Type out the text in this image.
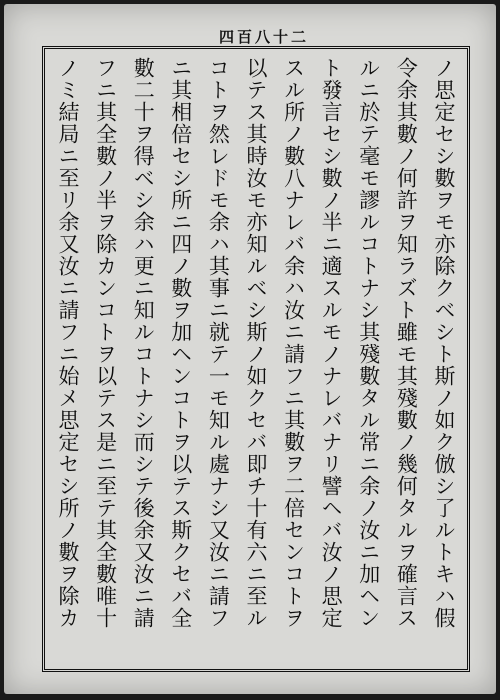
四百八十二
ノ思定セシ數ヲモ亦除クベシト斯ノ如ク倣シ了ルトキハ假
令余其數ノ何許ヲ知ラズト雖モ其殘數ノ幾何タルヲ確言ス
ルニ於テ毫モ謬ルコトナシ其殘數タル常ニ余ノ汝ニ加ヘン
ト發言セシ數ノ半ニ適スルモノナレバナリ譬ヘバ汝ノ思定
スル所ノ數八ナレバ余ハ汝ニ請フニ其數ヲ二倍センコトヲ
以テス其時汝モ亦知ルベシ斯ノ如クセバ即チ十有六ニ至ル
コトヲ然レドモ余ハ其事ニ就テ一モ知ル處ナシ又汝ニ請フ
ニ其相倍セシ所ニ四ノ數ヲ加ヘンコトヲ以テス斯クセバ全
數二十ヲ得ベシ余ハ更ニ知ルコトナシ而シテ後余又汝ニ請
フニ其全數ノ半ヲ除カンコトヲ以テス是ニ至テ其全數唯十
ノミ結局ニ至リ余又汝ニ請フニ始メ思定セシ所ノ數ヲ除カ
